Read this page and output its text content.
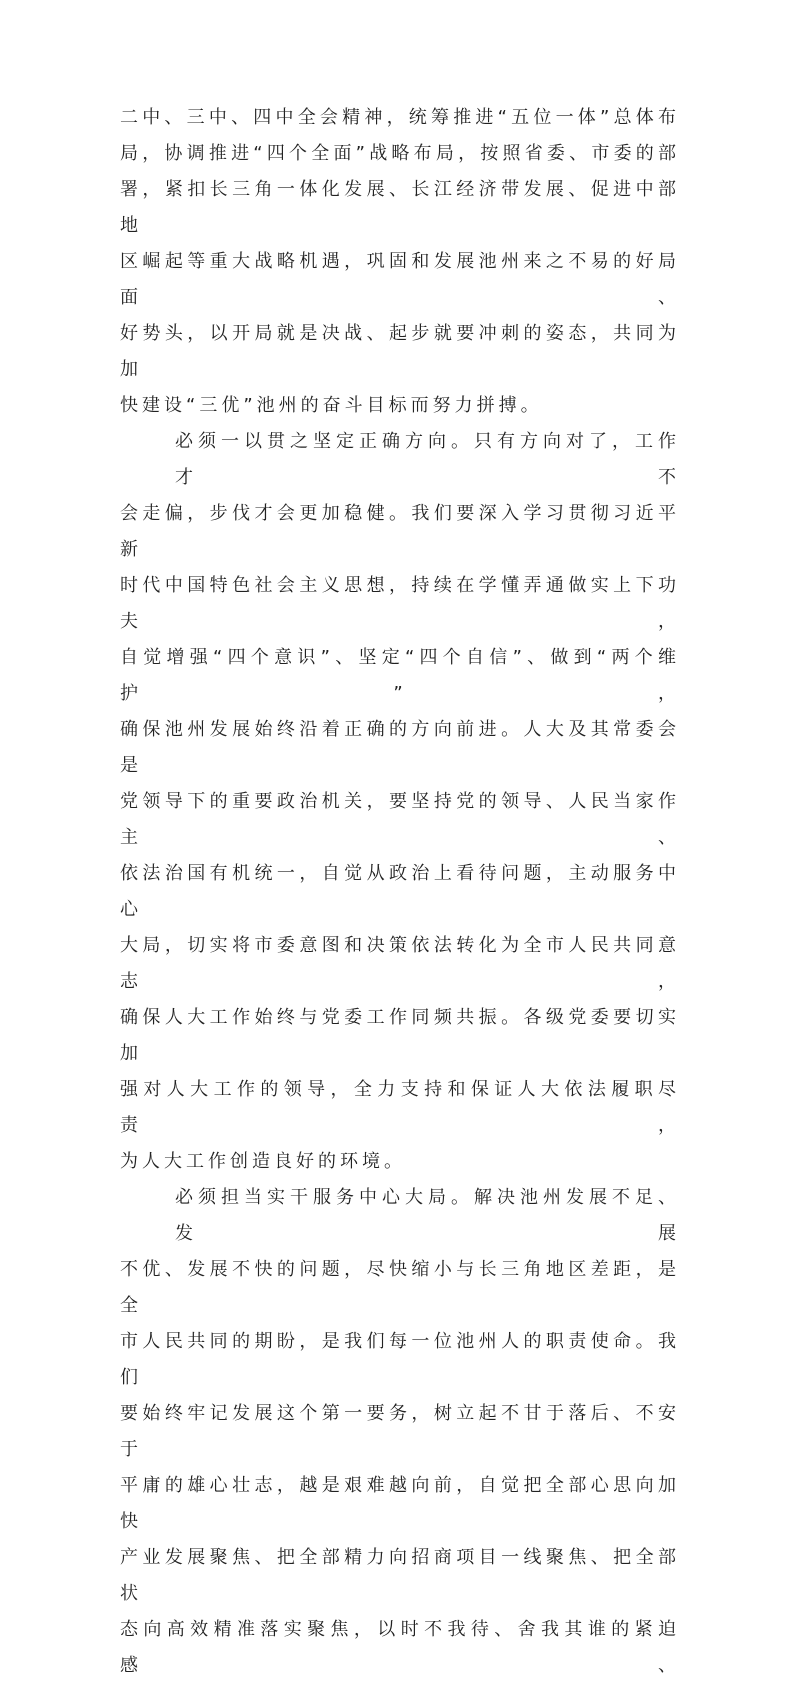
二中、三中、四中全会精神，统筹推进“五位一体”总体布
局，协调推进“四个全面”战略布局，按照省委、市委的部
署，紧扣长三角一体化发展、长江经济带发展、促进中部地
区崛起等重大战略机遇，巩固和发展池州来之不易的好局面、
好势头，以开局就是决战、起步就要冲刺的姿态，共同为加
快建设“三优”池州的奋斗目标而努力拼搏。
必须一以贯之坚定正确方向。只有方向对了，工作才不
会走偏，步伐才会更加稳健。我们要深入学习贯彻习近平新
时代中国特色社会主义思想，持续在学懂弄通做实上下功夫，
自觉增强“四个意识”、坚定“四个自信”、做到“两个维护”，
确保池州发展始终沿着正确的方向前进。人大及其常委会是
党领导下的重要政治机关，要坚持党的领导、人民当家作主、
依法治国有机统一，自觉从政治上看待问题，主动服务中心
大局，切实将市委意图和决策依法转化为全市人民共同意志，
确保人大工作始终与党委工作同频共振。各级党委要切实加
强对人大工作的领导，全力支持和保证人大依法履职尽责，
为人大工作创造良好的环境。
必须担当实干服务中心大局。解决池州发展不足、发展
不优、发展不快的问题，尽快缩小与长三角地区差距，是全
市人民共同的期盼，是我们每一位池州人的职责使命。我们
要始终牢记发展这个第一要务，树立起不甘于落后、不安于
平庸的雄心壮志，越是艰难越向前，自觉把全部心思向加快
产业发展聚焦、把全部精力向招商项目一线聚焦、把全部状
态向高效精准落实聚焦，以时不我待、舍我其谁的紧迫感、
